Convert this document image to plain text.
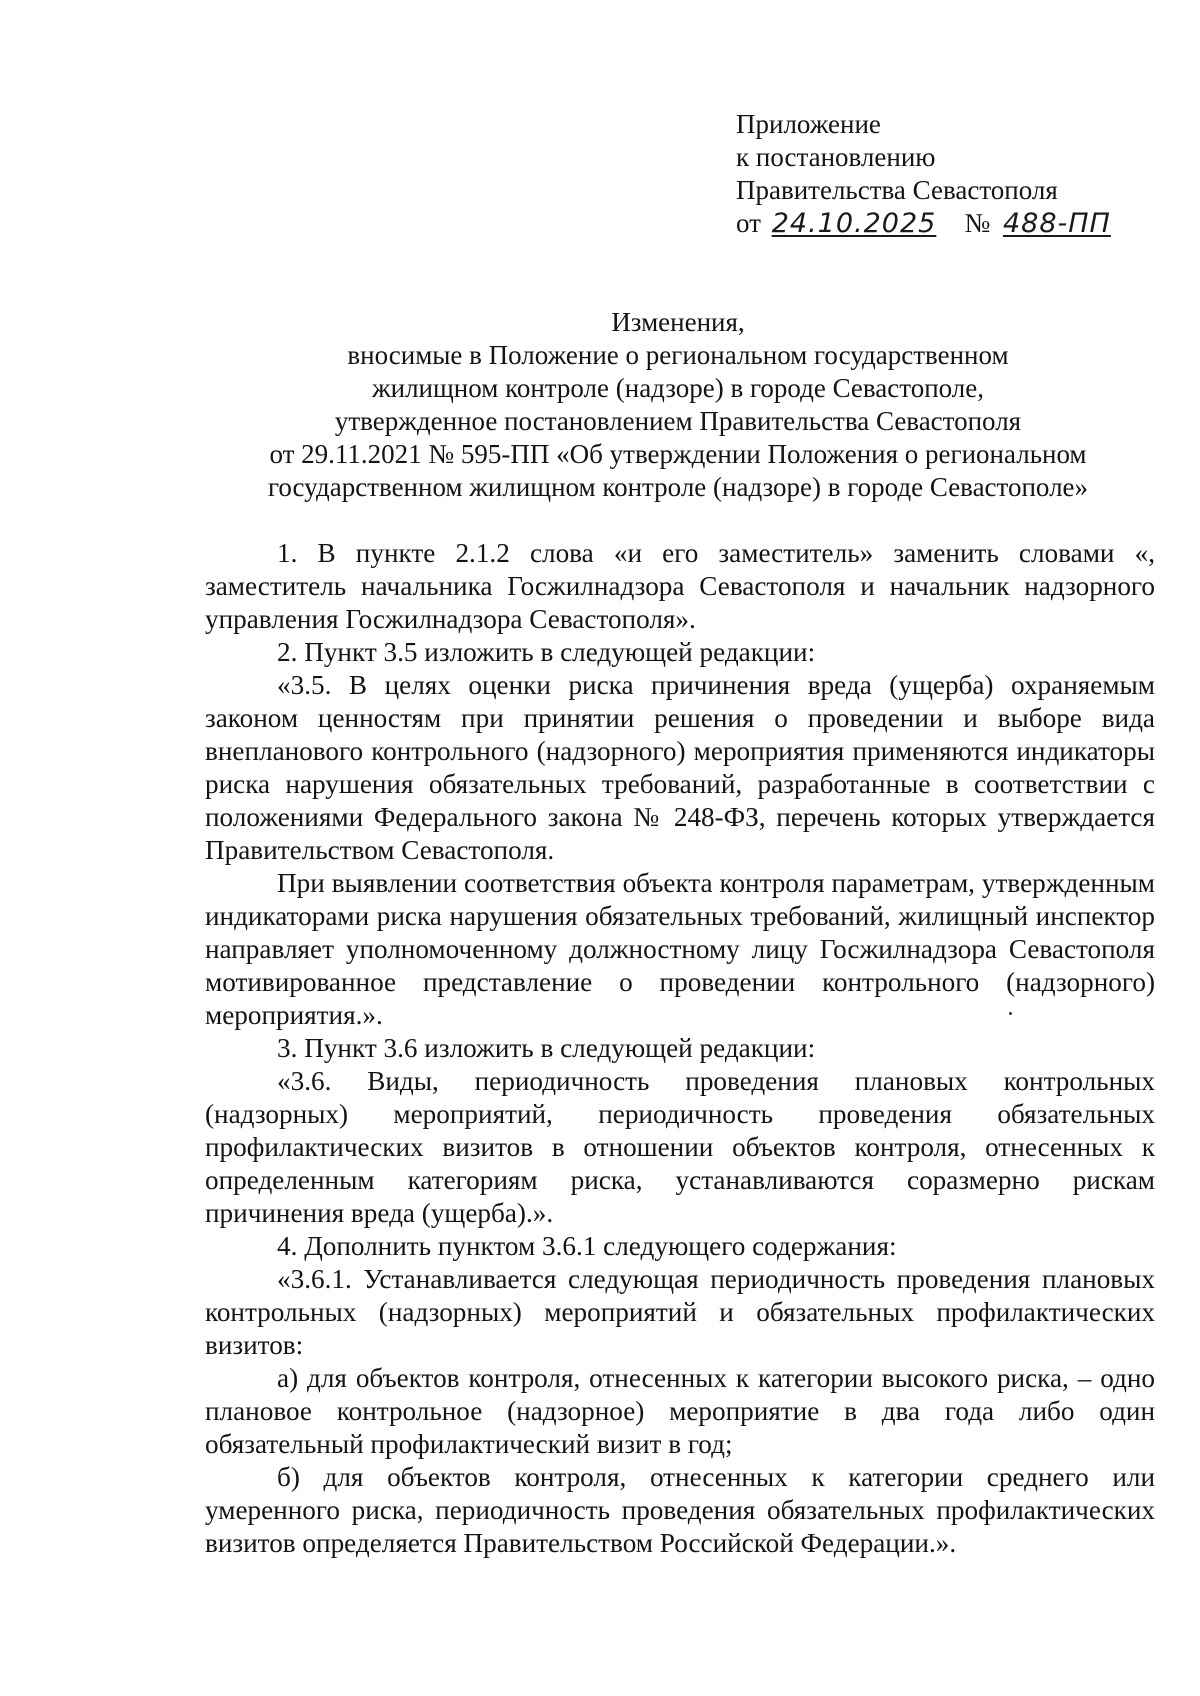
Приложение
к постановлению
Правительства Севастополя
от 24.10.2025 № 488-ПП
Изменения,
вносимые в Положение о региональном государственном
жилищном контроле (надзоре) в городе Севастополе,
утвержденное постановлением Правительства Севастополя
от 29.11.2021 № 595-ПП «Об утверждении Положения о региональном
государственном жилищном контроле (надзоре) в городе Севастополе»

1. В пункте 2.1.2 слова «и его заместитель» заменить словами «, заместитель начальника Госжилнадзора Севастополя и начальник надзорного управления Госжилнадзора Севастополя».

2. Пункт 3.5 изложить в следующей редакции:

«3.5. В целях оценки риска причинения вреда (ущерба) охраняемым законом ценностям при принятии решения о проведении и выборе вида внепланового контрольного (надзорного) мероприятия применяются индикаторы риска нарушения обязательных требований, разработанные в соответствии с положениями Федерального закона № 248-ФЗ, перечень которых утверждается Правительством Севастополя.

При выявлении соответствия объекта контроля параметрам, утвержденным индикаторами риска нарушения обязательных требований, жилищный инспектор направляет уполномоченному должностному лицу Госжилнадзора Севастополя мотивированное представление о проведении контрольного (надзорного) мероприятия.».

3. Пункт 3.6 изложить в следующей редакции:

«3.6. Виды, периодичность проведения плановых контрольных (надзорных) мероприятий, периодичность проведения обязательных профилактических визитов в отношении объектов контроля, отнесенных к определенным категориям риска, устанавливаются соразмерно рискам причинения вреда (ущерба).».

4. Дополнить пунктом 3.6.1 следующего содержания:

«3.6.1. Устанавливается следующая периодичность проведения плановых контрольных (надзорных) мероприятий и обязательных профилактических визитов:

а) для объектов контроля, отнесенных к категории высокого риска, – одно плановое контрольное (надзорное) мероприятие в два года либо один обязательный профилактический визит в год;

б) для объектов контроля, отнесенных к категории среднего или умеренного риска, периодичность проведения обязательных профилактических визитов определяется Правительством Российской Федерации.».
